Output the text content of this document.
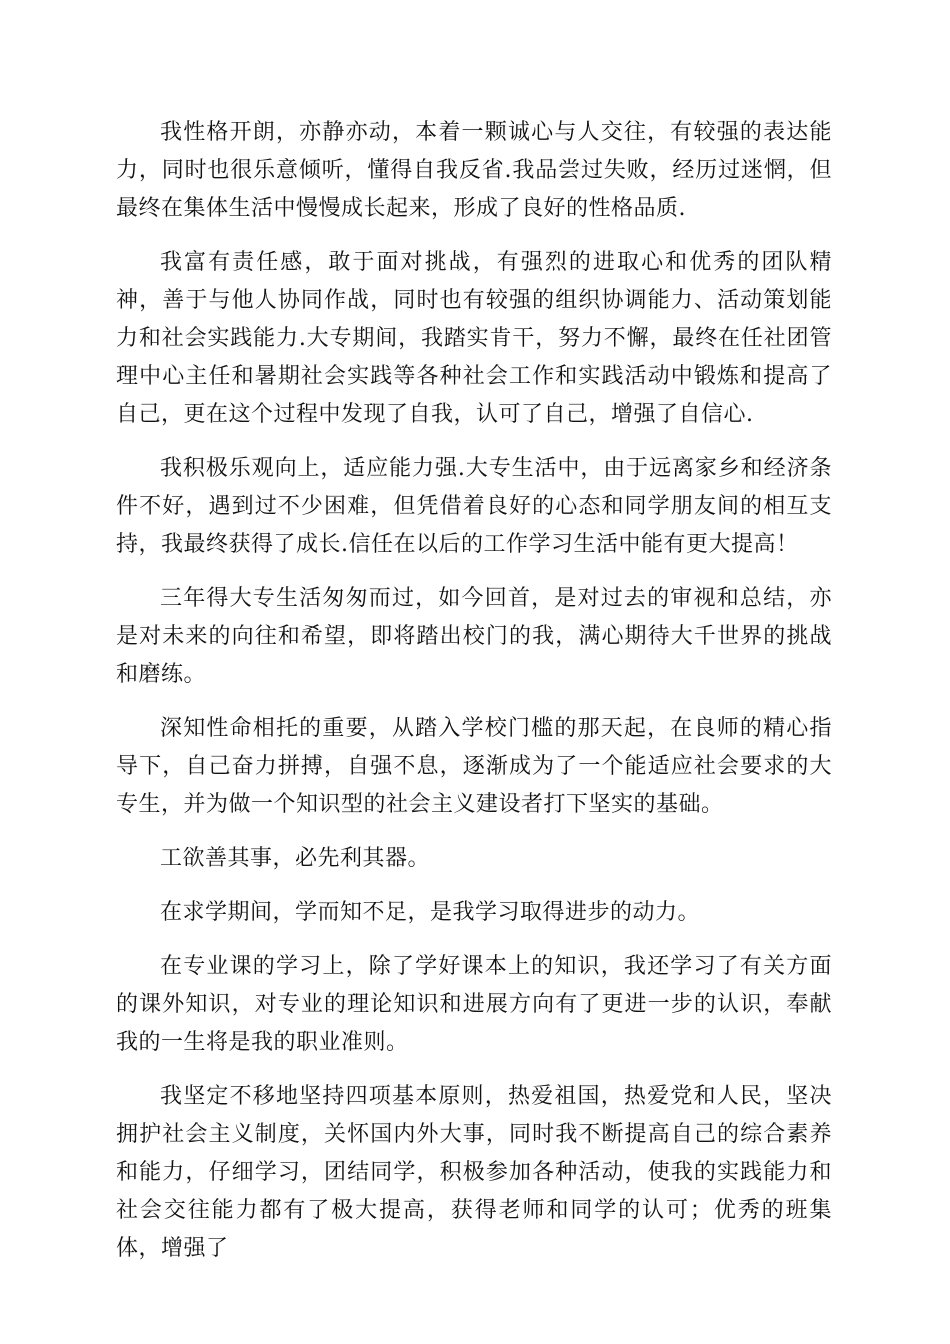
我性格开朗，亦静亦动，本着一颗诚心与人交往，有较强的表达能力，同时也很乐意倾听，懂得自我反省.我品尝过失败，经历过迷惘，但最终在集体生活中慢慢成长起来，形成了良好的性格品质.

我富有责任感，敢于面对挑战，有强烈的进取心和优秀的团队精神，善于与他人协同作战，同时也有较强的组织协调能力、活动策划能力和社会实践能力.大专期间，我踏实肯干，努力不懈，最终在任社团管理中心主任和暑期社会实践等各种社会工作和实践活动中锻炼和提高了自己，更在这个过程中发现了自我，认可了自己，增强了自信心.

我积极乐观向上，适应能力强.大专生活中，由于远离家乡和经济条件不好，遇到过不少困难，但凭借着良好的心态和同学朋友间的相互支持，我最终获得了成长.信任在以后的工作学习生活中能有更大提高！

三年得大专生活匆匆而过，如今回首，是对过去的审视和总结，亦是对未来的向往和希望，即将踏出校门的我，满心期待大千世界的挑战和磨练。

深知性命相托的重要，从踏入学校门槛的那天起，在良师的精心指导下，自己奋力拼搏，自强不息，逐渐成为了一个能适应社会要求的大专生，并为做一个知识型的社会主义建设者打下坚实的基础。

工欲善其事，必先利其器。

在求学期间，学而知不足，是我学习取得进步的动力。

在专业课的学习上，除了学好课本上的知识，我还学习了有关方面的课外知识，对专业的理论知识和进展方向有了更进一步的认识，奉献我的一生将是我的职业准则。

我坚定不移地坚持四项基本原则，热爱祖国，热爱党和人民，坚决拥护社会主义制度，关怀国内外大事，同时我不断提高自己的综合素养和能力，仔细学习，团结同学，积极参加各种活动，使我的实践能力和社会交往能力都有了极大提高，获得老师和同学的认可；优秀的班集体，增强了
